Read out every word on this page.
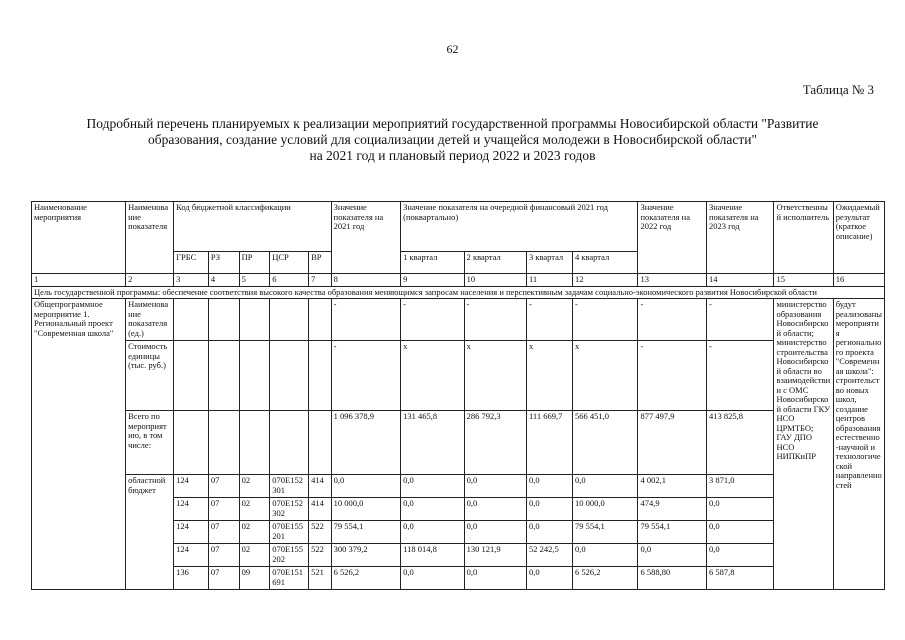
62
Таблица № 3
Подробный перечень планируемых к реализации мероприятий государственной программы Новосибирской области "Развитие
образования, создание условий для социализации детей и учащейся молодежи в Новосибирской области"
на 2021 год и плановый период 2022 и 2023 годов
Наименование мероприятия	Наименование показателя	Код бюджетной классификации					Значение показателя на 2021 год	Значение показателя на очередной финансовый 2021 год (поквартально)				Значение показателя на 2022 год	Значение показателя на 2023 год	Ответственный исполнитель	Ожидаемый результат (краткое описание)
		ГРБС	РЗ	ПР	ЦСР	ВР		1 квартал	2 квартал	3 квартал	4 квартал				
1	2	3	4	5	6	7	8	9	10	11	12	13	14	15	16
Цель государственной программы: обеспечение соответствия высокого качества образования меняющимся запросам населения и перспективным задачам социально-экономического развития Новосибирской области															
Общепрограммное мероприятие 1. Региональный проект "Современная школа"	Наименование показателя (ед.)						-	-	-	-	-	-	-	министерство образования Новосибирской области; министерство строительства Новосибирской области во взаимодействии с ОМС Новосибирской области ГКУ НСО ЦРМТБО; ГАУ ДПО НСО НИПКиПР	будут реализованы мероприятия регионального проекта "Современная школа": строительство новых школ, создание центров образования естественно-научной и технологической направленностей
	Стоимость единицы (тыс. руб.)						-	x	x	x	x	-	-		
	Всего по мероприятию, в том числе:						1 096 378,9	131 465,8	286 792,3	111 669,7	566 451,0	877 497,9	413 825,8		
	областной бюджет	124	07	02	070E152301	414	0,0	0,0	0,0	0,0	0,0	4 002,1	3 871,0		
		124	07	02	070E152302	414	10 000,0	0,0	0,0	0,0	10 000,0	474,9	0,0		
		124	07	02	070E155201	522	79 554,1	0,0	0,0	0,0	79 554,1	79 554,1	0,0		
		124	07	02	070E155202	522	300 379,2	118 014,8	130 121,9	52 242,5	0,0	0,0	0,0		
		136	07	09	070E151691	521	6 526,2	0,0	0,0	0,0	6 526,2	6 588,80	6 587,8		
